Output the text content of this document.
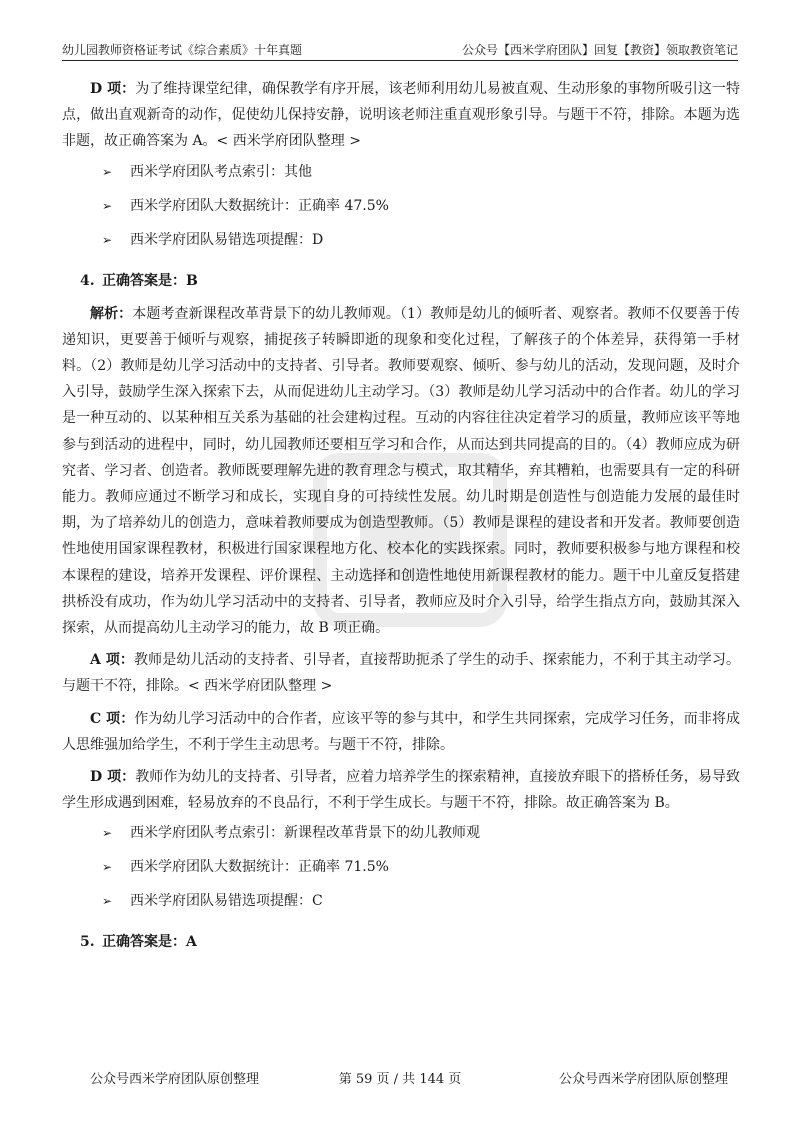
幼儿园教师资格证考试《综合素质》十年真题	公众号【西米学府团队】回复【教资】领取教资笔记

D 项：为了维持课堂纪律，确保教学有序开展，该老师利用幼儿易被直观、生动形象的事物所吸引这一特点，做出直观新奇的动作，促使幼儿保持安静，说明该老师注重直观形象引导。与题干不符，排除。本题为选非题，故正确答案为 A。< 西米学府团队整理 >

➢ 西米学府团队考点索引：其他
➢ 西米学府团队大数据统计：正确率 47.5%
➢ 西米学府团队易错选项提醒：D
4. 正确答案是：B

解析：本题考查新课程改革背景下的幼儿教师观。（1）教师是幼儿的倾听者、观察者。教师不仅要善于传递知识，更要善于倾听与观察，捕捉孩子转瞬即逝的现象和变化过程，了解孩子的个体差异，获得第一手材料。（2）教师是幼儿学习活动中的支持者、引导者。教师要观察、倾听、参与幼儿的活动，发现问题，及时介入引导，鼓励学生深入探索下去，从而促进幼儿主动学习。（3）教师是幼儿学习活动中的合作者。幼儿的学习是一种互动的、以某种相互关系为基础的社会建构过程。互动的内容往往决定着学习的质量，教师应该平等地参与到活动的进程中，同时，幼儿园教师还要相互学习和合作，从而达到共同提高的目的。（4）教师应成为研究者、学习者、创造者。教师既要理解先进的教育理念与模式，取其精华，弃其糟粕，也需要具有一定的科研能力。教师应通过不断学习和成长，实现自身的可持续性发展。幼儿时期是创造性与创造能力发展的最佳时期，为了培养幼儿的创造力，意味着教师要成为创造型教师。（5）教师是课程的建设者和开发者。教师要创造性地使用国家课程教材，积极进行国家课程地方化、校本化的实践探索。同时，教师要积极参与地方课程和校本课程的建设，培养开发课程、评价课程、主动选择和创造性地使用新课程教材的能力。题干中儿童反复搭建拱桥没有成功，作为幼儿学习活动中的支持者、引导者，教师应及时介入引导，给学生指点方向，鼓励其深入探索，从而提高幼儿主动学习的能力，故 B 项正确。

A 项：教师是幼儿活动的支持者、引导者，直接帮助扼杀了学生的动手、探索能力，不利于其主动学习。与题干不符，排除。< 西米学府团队整理 >

C 项：作为幼儿学习活动中的合作者，应该平等的参与其中，和学生共同探索，完成学习任务，而非将成人思维强加给学生，不利于学生主动思考。与题干不符，排除。

D 项：教师作为幼儿的支持者、引导者，应着力培养学生的探索精神，直接放弃眼下的搭桥任务，易导致学生形成遇到困难，轻易放弃的不良品行，不利于学生成长。与题干不符，排除。故正确答案为 B。

➢ 西米学府团队考点索引：新课程改革背景下的幼儿教师观
➢ 西米学府团队大数据统计：正确率 71.5%
➢ 西米学府团队易错选项提醒：C
5. 正确答案是：A
公众号西米学府团队原创整理	第 59 页 / 共 144 页	公众号西米学府团队原创整理
